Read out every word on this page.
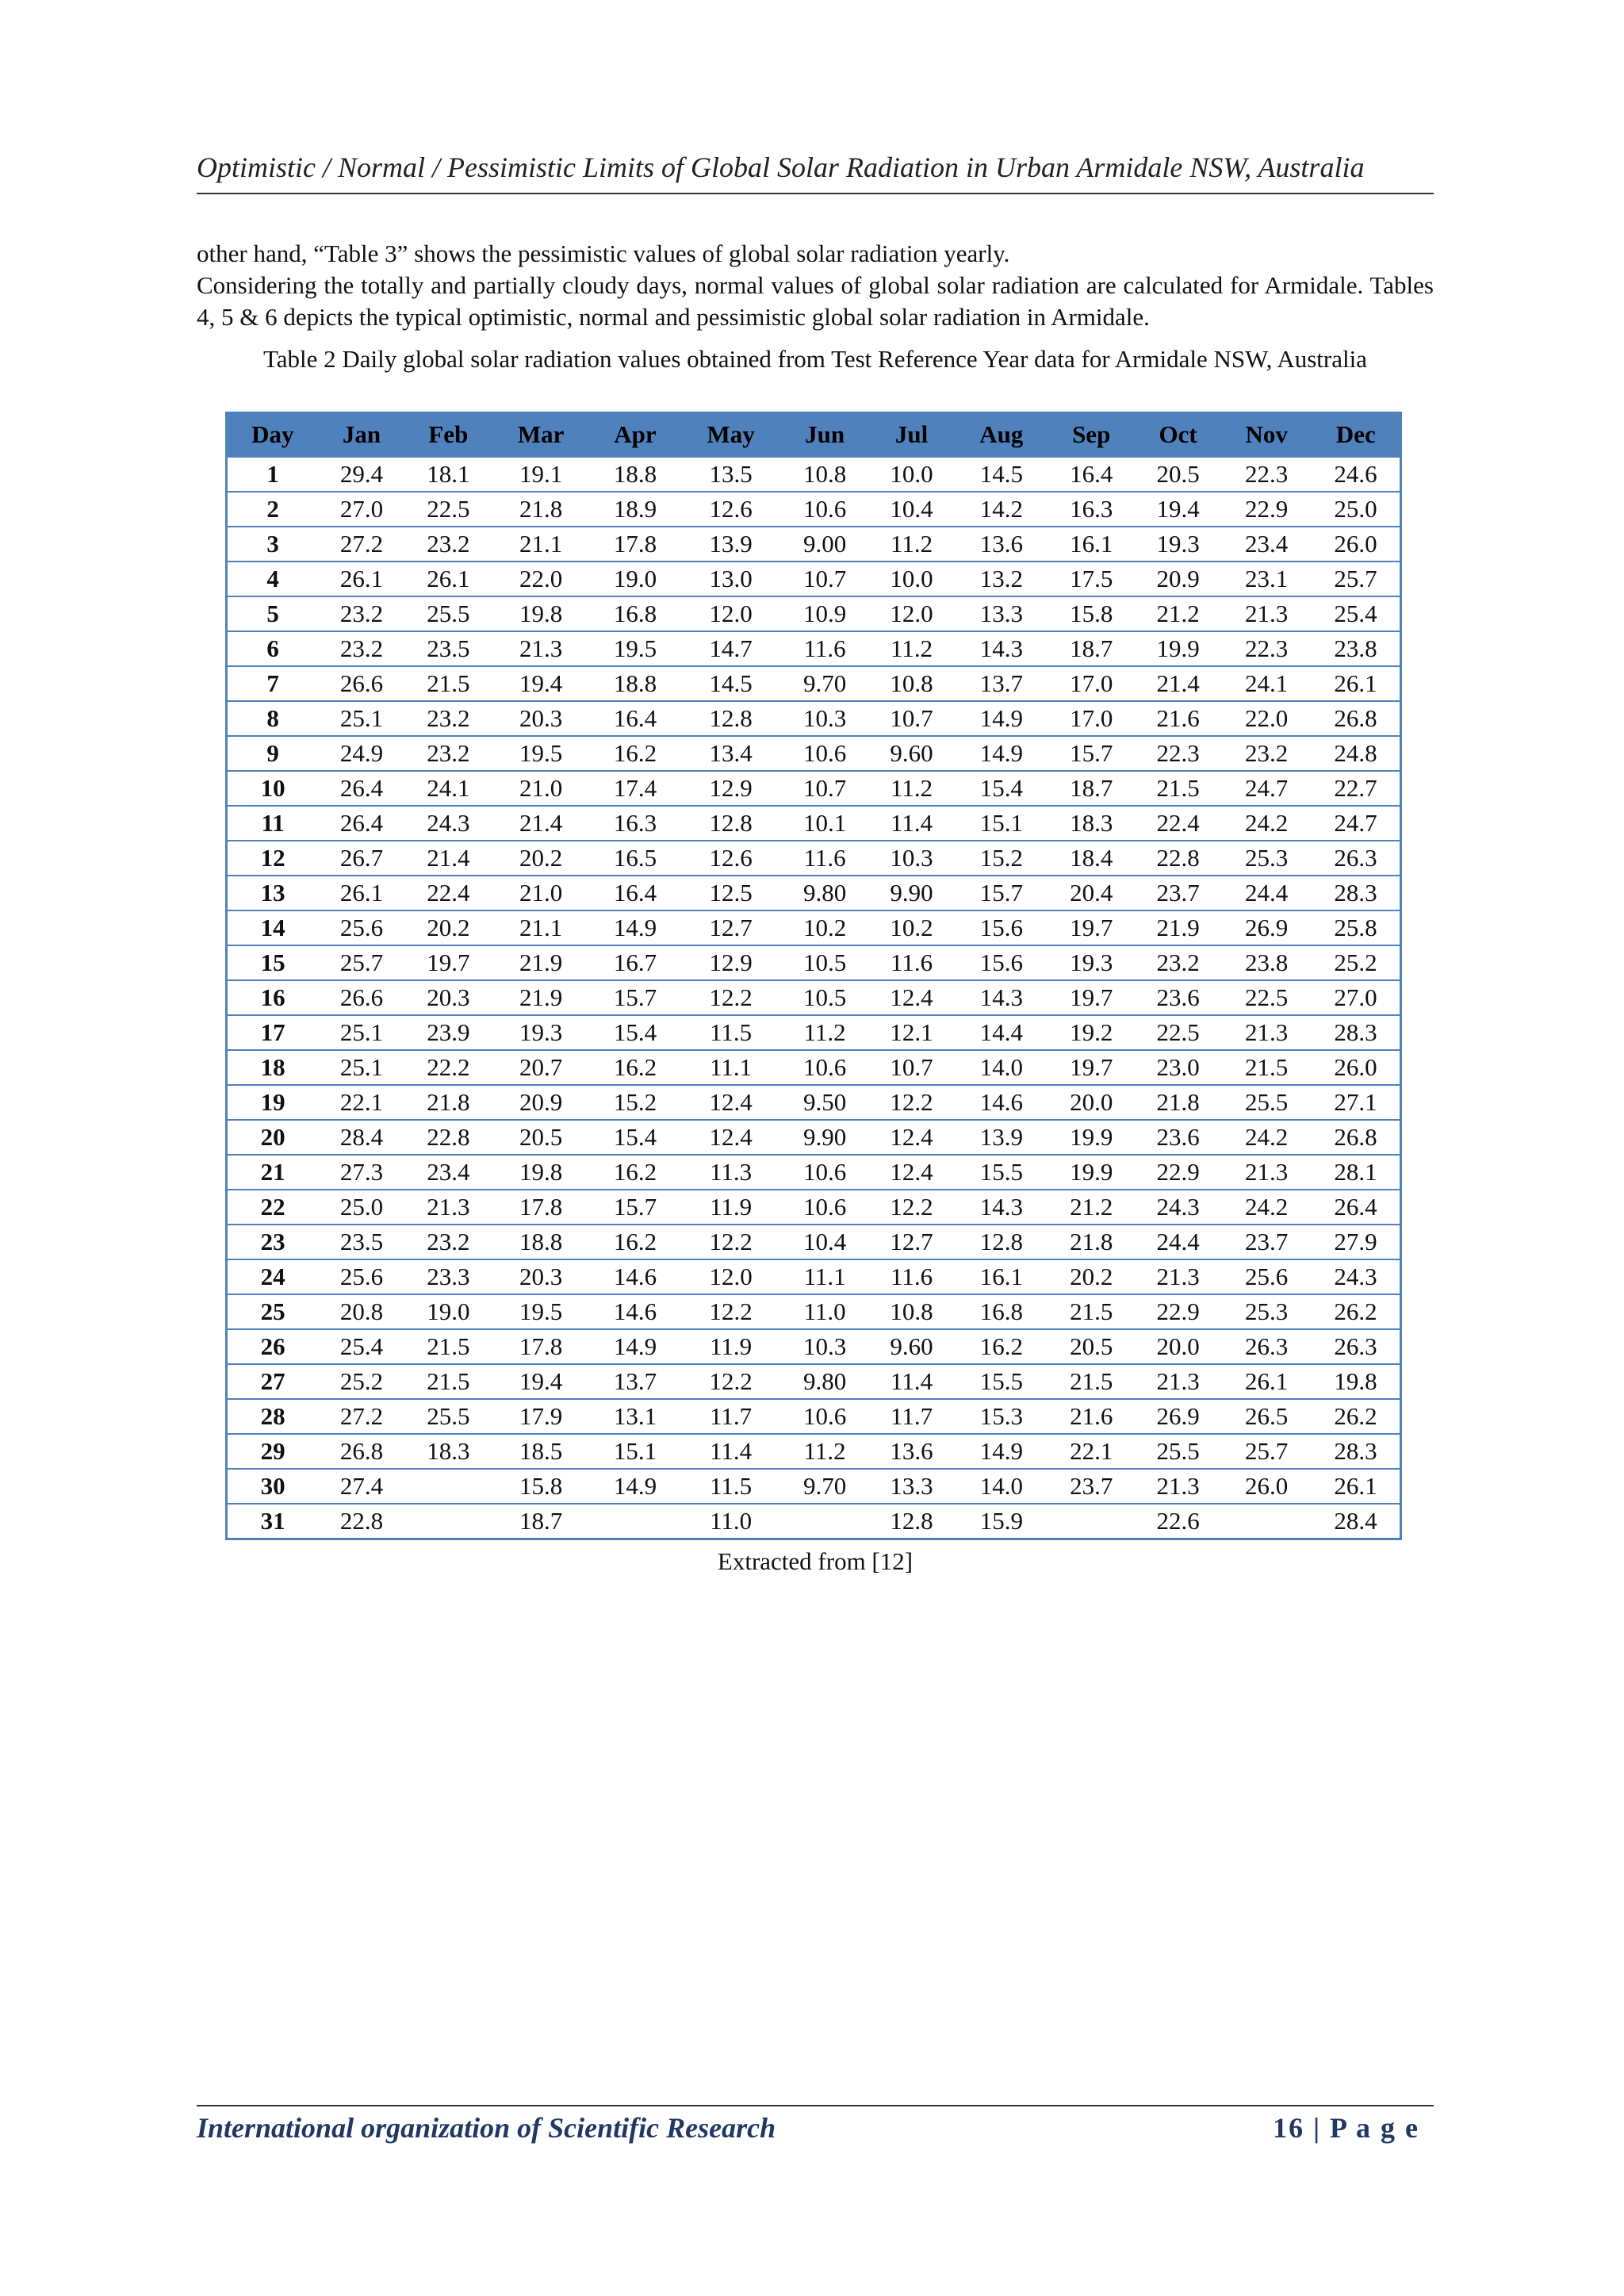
Optimistic / Normal / Pessimistic Limits of Global Solar Radiation in Urban Armidale NSW, Australia
other hand, “Table 3” shows the pessimistic values of global solar radiation yearly.
Considering the totally and partially cloudy days, normal values of global solar radiation are calculated for Armidale. Tables 4, 5 & 6 depicts the typical optimistic, normal and pessimistic global solar radiation in Armidale.
Table 2 Daily global solar radiation values obtained from Test Reference Year data for Armidale NSW, Australia
Day	Jan	Feb	Mar	Apr	May	Jun	Jul	Aug	Sep	Oct	Nov	Dec
1	29.4	18.1	19.1	18.8	13.5	10.8	10.0	14.5	16.4	20.5	22.3	24.6
2	27.0	22.5	21.8	18.9	12.6	10.6	10.4	14.2	16.3	19.4	22.9	25.0
3	27.2	23.2	21.1	17.8	13.9	9.00	11.2	13.6	16.1	19.3	23.4	26.0
4	26.1	26.1	22.0	19.0	13.0	10.7	10.0	13.2	17.5	20.9	23.1	25.7
5	23.2	25.5	19.8	16.8	12.0	10.9	12.0	13.3	15.8	21.2	21.3	25.4
6	23.2	23.5	21.3	19.5	14.7	11.6	11.2	14.3	18.7	19.9	22.3	23.8
7	26.6	21.5	19.4	18.8	14.5	9.70	10.8	13.7	17.0	21.4	24.1	26.1
8	25.1	23.2	20.3	16.4	12.8	10.3	10.7	14.9	17.0	21.6	22.0	26.8
9	24.9	23.2	19.5	16.2	13.4	10.6	9.60	14.9	15.7	22.3	23.2	24.8
10	26.4	24.1	21.0	17.4	12.9	10.7	11.2	15.4	18.7	21.5	24.7	22.7
11	26.4	24.3	21.4	16.3	12.8	10.1	11.4	15.1	18.3	22.4	24.2	24.7
12	26.7	21.4	20.2	16.5	12.6	11.6	10.3	15.2	18.4	22.8	25.3	26.3
13	26.1	22.4	21.0	16.4	12.5	9.80	9.90	15.7	20.4	23.7	24.4	28.3
14	25.6	20.2	21.1	14.9	12.7	10.2	10.2	15.6	19.7	21.9	26.9	25.8
15	25.7	19.7	21.9	16.7	12.9	10.5	11.6	15.6	19.3	23.2	23.8	25.2
16	26.6	20.3	21.9	15.7	12.2	10.5	12.4	14.3	19.7	23.6	22.5	27.0
17	25.1	23.9	19.3	15.4	11.5	11.2	12.1	14.4	19.2	22.5	21.3	28.3
18	25.1	22.2	20.7	16.2	11.1	10.6	10.7	14.0	19.7	23.0	21.5	26.0
19	22.1	21.8	20.9	15.2	12.4	9.50	12.2	14.6	20.0	21.8	25.5	27.1
20	28.4	22.8	20.5	15.4	12.4	9.90	12.4	13.9	19.9	23.6	24.2	26.8
21	27.3	23.4	19.8	16.2	11.3	10.6	12.4	15.5	19.9	22.9	21.3	28.1
22	25.0	21.3	17.8	15.7	11.9	10.6	12.2	14.3	21.2	24.3	24.2	26.4
23	23.5	23.2	18.8	16.2	12.2	10.4	12.7	12.8	21.8	24.4	23.7	27.9
24	25.6	23.3	20.3	14.6	12.0	11.1	11.6	16.1	20.2	21.3	25.6	24.3
25	20.8	19.0	19.5	14.6	12.2	11.0	10.8	16.8	21.5	22.9	25.3	26.2
26	25.4	21.5	17.8	14.9	11.9	10.3	9.60	16.2	20.5	20.0	26.3	26.3
27	25.2	21.5	19.4	13.7	12.2	9.80	11.4	15.5	21.5	21.3	26.1	19.8
28	27.2	25.5	17.9	13.1	11.7	10.6	11.7	15.3	21.6	26.9	26.5	26.2
29	26.8	18.3	18.5	15.1	11.4	11.2	13.6	14.9	22.1	25.5	25.7	28.3
30	27.4		15.8	14.9	11.5	9.70	13.3	14.0	23.7	21.3	26.0	26.1
31	22.8		18.7		11.0		12.8	15.9		22.6		28.4
Extracted from [12]
International organization of Scientific Research	16 | P a g e
